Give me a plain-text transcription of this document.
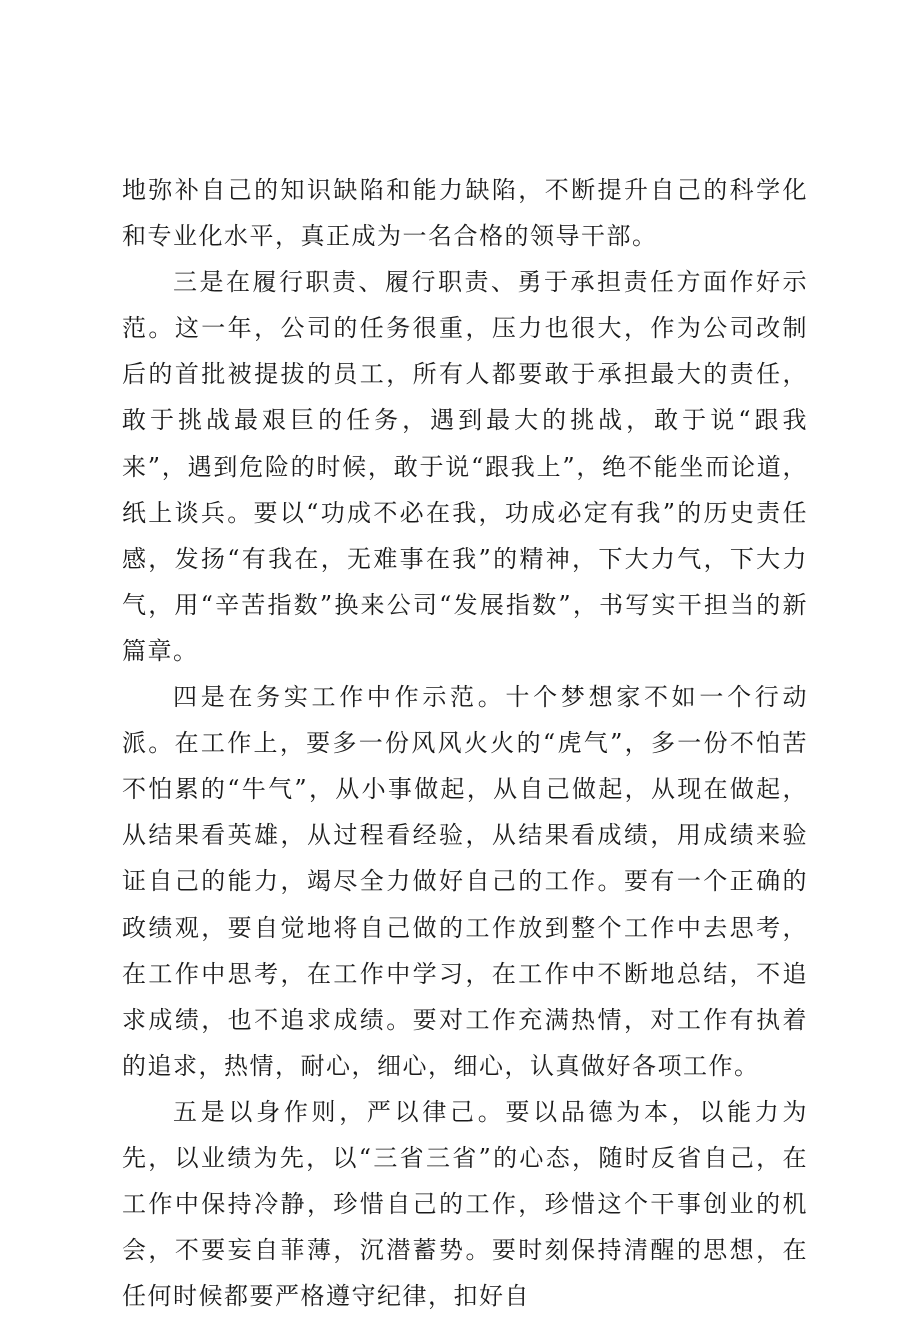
地弥补自己的知识缺陷和能力缺陷，不断提升自己的科学化和专业化水平，真正成为一名合格的领导干部。

三是在履行职责、履行职责、勇于承担责任方面作好示范。这一年，公司的任务很重，压力也很大，作为公司改制后的首批被提拔的员工，所有人都要敢于承担最大的责任，敢于挑战最艰巨的任务，遇到最大的挑战，敢于说“跟我来”，遇到危险的时候，敢于说“跟我上”，绝不能坐而论道，纸上谈兵。要以“功成不必在我，功成必定有我”的历史责任感，发扬“有我在，无难事在我”的精神，下大力气，下大力气，用“辛苦指数”换来公司“发展指数”，书写实干担当的新篇章。

四是在务实工作中作示范。十个梦想家不如一个行动派。在工作上，要多一份风风火火的“虎气”，多一份不怕苦不怕累的“牛气”，从小事做起，从自己做起，从现在做起，从结果看英雄，从过程看经验，从结果看成绩，用成绩来验证自己的能力，竭尽全力做好自己的工作。要有一个正确的政绩观，要自觉地将自己做的工作放到整个工作中去思考，在工作中思考，在工作中学习，在工作中不断地总结，不追求成绩，也不追求成绩。要对工作充满热情，对工作有执着的追求，热情，耐心，细心，细心，认真做好各项工作。

五是以身作则，严以律己。要以品德为本，以能力为先，以业绩为先，以“三省三省”的心态，随时反省自己，在工作中保持冷静，珍惜自己的工作，珍惜这个干事创业的机会，不要妄自菲薄，沉潜蓄势。要时刻保持清醒的思想，在任何时候都要严格遵守纪律，扣好自
